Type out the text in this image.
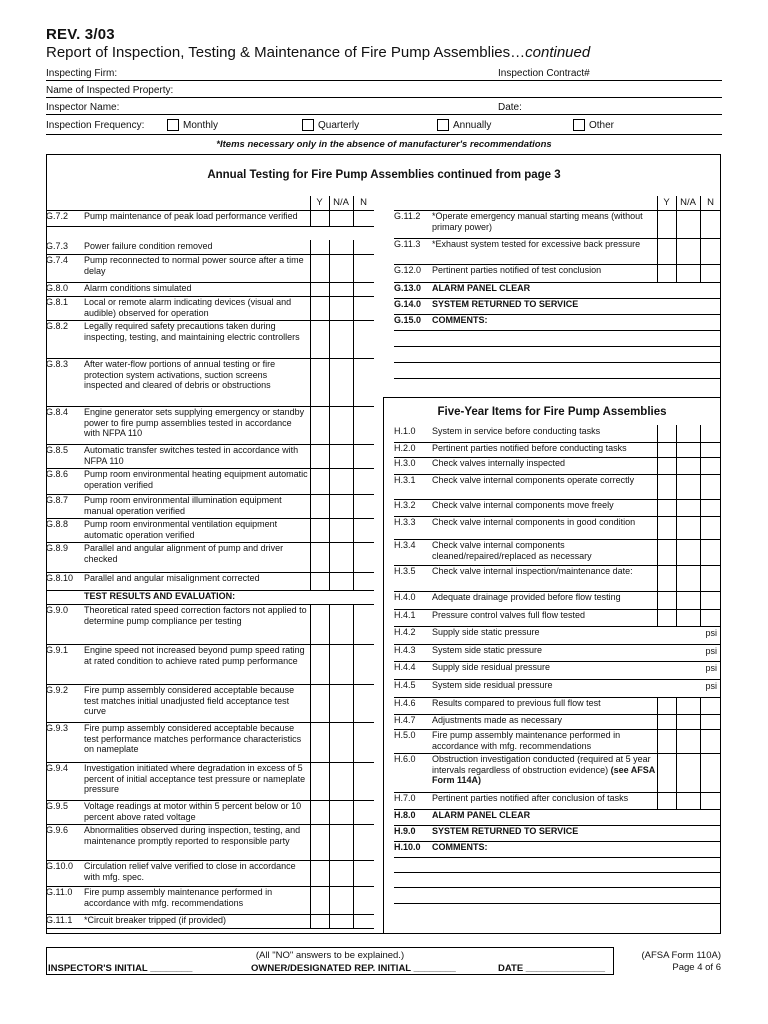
REV. 3/03
Report of Inspection, Testing & Maintenance of Fire Pump Assemblies…continued
Inspecting Firm:	Inspection Contract#
Name of Inspected Property:
Inspector Name:	Date:
Inspection Frequency:	Monthly	Quarterly	Annually	Other
*Items necessary only in the absence of manufacturer's recommendations
Annual Testing for Fire Pump Assemblies continued from page 3
Y	N/A	N
G.7.2	Pump maintenance of peak load performance verified
G.7.3	Power failure condition removed
G.7.4	Pump reconnected to normal power source after a time delay
G.8.0	Alarm conditions simulated
G.8.1	Local or remote alarm indicating devices (visual and audible) observed for operation
G.8.2	Legally required safety precautions taken during inspecting, testing, and maintaining electric controllers
G.8.3	After water-flow portions of annual testing or fire protection system activations, suction screens inspected and cleared of debris or obstructions
G.8.4	Engine generator sets supplying emergency or standby power to fire pump assemblies tested in accordance with NFPA 110
G.8.5	Automatic transfer switches tested in accordance with NFPA 110
G.8.6	Pump room environmental heating equipment automatic operation verified
G.8.7	Pump room environmental illumination equipment manual operation verified
G.8.8	Pump room environmental ventilation equipment automatic operation verified
G.8.9	Parallel and angular alignment of pump and driver checked
G.8.10	Parallel and angular misalignment corrected
TEST RESULTS AND EVALUATION:
G.9.0	Theoretical rated speed correction factors not applied to determine pump compliance per testing
G.9.1	Engine speed not increased beyond pump speed rating at rated condition to achieve rated pump performance
G.9.2	Fire pump assembly considered acceptable because test matches initial unadjusted field acceptance test curve
G.9.3	Fire pump assembly considered acceptable because test performance matches performance characteristics on nameplate
G.9.4	Investigation initiated where degradation in excess of 5 percent of initial acceptance test pressure or nameplate pressure
G.9.5	Voltage readings at motor within 5 percent below or 10 percent above rated voltage
G.9.6	Abnormalities observed during inspection, testing, and maintenance promptly reported to responsible party
G.10.0	Circulation relief valve verified to close in accordance with mfg. spec.
G.11.0	Fire pump assembly maintenance performed in accordance with mfg. recommendations
G.11.1	*Circuit breaker tripped (if provided)
Y	N/A	N
G.11.2	*Operate emergency manual starting means (without primary power)
G.11.3	*Exhaust system tested for excessive back pressure
G.12.0	Pertinent parties notified of test conclusion
G.13.0	ALARM PANEL CLEAR
G.14.0	SYSTEM RETURNED TO SERVICE
G.15.0	COMMENTS:
Five-Year Items for Fire Pump Assemblies
H.1.0	System in service before conducting tasks
H.2.0	Pertinent parties notified before conducting tasks
H.3.0	Check valves internally inspected
H.3.1	Check valve internal components operate correctly
H.3.2	Check valve internal components move freely
H.3.3	Check valve internal components in good condition
H.3.4	Check valve internal components cleaned/repaired/replaced as necessary
H.3.5	Check valve internal inspection/maintenance date:
H.4.0	Adequate drainage provided before flow testing
H.4.1	Pressure control valves full flow tested
H.4.2	Supply side static pressure	psi
H.4.3	System side static pressure	psi
H.4.4	Supply side residual pressure	psi
H.4.5	System side residual pressure	psi
H.4.6	Results compared to previous full flow test
H.4.7	Adjustments made as necessary
H.5.0	Fire pump assembly maintenance performed in accordance with mfg. recommendations
H.6.0	Obstruction investigation conducted (required at 5 year intervals regardless of obstruction evidence) (see AFSA Form 114A)
H.7.0	Pertinent parties notified after conclusion of tasks
H.8.0	ALARM PANEL CLEAR
H.9.0	SYSTEM RETURNED TO SERVICE
H.10.0	COMMENTS:
(All "NO" answers to be explained.)
INSPECTOR'S INITIAL ________	OWNER/DESIGNATED REP. INITIAL ________	DATE _______________
(AFSA Form 110A)
Page 4 of 6
